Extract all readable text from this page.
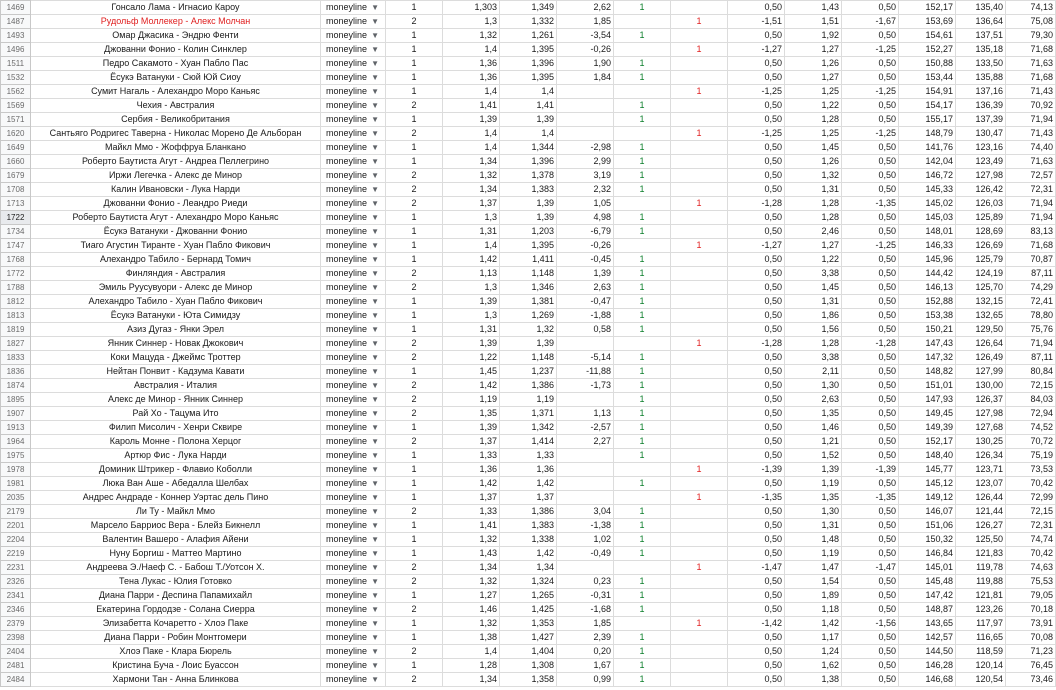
1469	Гонсало Лама - Игнасио Кароу	moneyline ▼	1	1,303	1,349	2,62	1		0,50	1,43	0,50	152,17	135,40	74,13
1487	Рудольф Моллекер - Алекс Молчан	moneyline ▼	2	1,3	1,332	1,85		1	-1,51	1,51	-1,67	153,69	136,64	75,08
1493	Омар Джасика - Эндрю Фенти	moneyline ▼	1	1,32	1,261	-3,54	1		0,50	1,92	0,50	154,61	137,51	79,30
1496	Джованни Фонио - Колин Синклер	moneyline ▼	1	1,4	1,395	-0,26		1	-1,27	1,27	-1,25	152,27	135,18	71,68
1511	Педро Сакамото - Хуан Пабло Пас	moneyline ▼	1	1,36	1,396	1,90	1		0,50	1,26	0,50	150,88	133,50	71,63
1532	Ёсукэ Ватануки - Сюй Юй Сиоу	moneyline ▼	1	1,36	1,395	1,84	1		0,50	1,27	0,50	153,44	135,88	71,68
1562	Сумит Нагаль - Алехандро Моро Каньяс	moneyline ▼	1	1,4	1,4			1	-1,25	1,25	-1,25	154,91	137,16	71,43
1569	Чехия - Австралия	moneyline ▼	2	1,41	1,41		1		0,50	1,22	0,50	154,17	136,39	70,92
1571	Сербия - Великобритания	moneyline ▼	1	1,39	1,39		1		0,50	1,28	0,50	155,17	137,39	71,94
1620	Сантьяго Родригес Таверна - Николас Морено Де Альборан	moneyline ▼	2	1,4	1,4			1	-1,25	1,25	-1,25	148,79	130,47	71,43
1649	Майкл Ммо - Жоффруа Бланкано	moneyline ▼	1	1,4	1,344	-2,98	1		0,50	1,45	0,50	141,76	123,16	74,40
1660	Роберто Баутиста Агут - Андреа Пеллегрино	moneyline ▼	1	1,34	1,396	2,99	1		0,50	1,26	0,50	142,04	123,49	71,63
1679	Иржи Легечка - Алекс де Минор	moneyline ▼	2	1,32	1,378	3,19	1		0,50	1,32	0,50	146,72	127,98	72,57
1708	Калин Ивановски - Лука Нарди	moneyline ▼	2	1,34	1,383	2,32	1		0,50	1,31	0,50	145,33	126,42	72,31
1713	Джованни Фонио - Леандро Риеди	moneyline ▼	2	1,37	1,39	1,05		1	-1,28	1,28	-1,35	145,02	126,03	71,94
1722	Роберто Баутиста Агут - Алехандро Моро Каньяс	moneyline ▼	1	1,3	1,39	4,98	1		0,50	1,28	0,50	145,03	125,89	71,94
1734	Ёсукэ Ватануки - Джованни Фонио	moneyline ▼	1	1,31	1,203	-6,79	1		0,50	2,46	0,50	148,01	128,69	83,13
1747	Тиаго Агустин Тиранте - Хуан Пабло Фикович	moneyline ▼	1	1,4	1,395	-0,26		1	-1,27	1,27	-1,25	146,33	126,69	71,68
1768	Алехандро Табило - Бернард Томич	moneyline ▼	1	1,42	1,411	-0,45	1		0,50	1,22	0,50	145,96	125,79	70,87
1772	Финляндия - Австралия	moneyline ▼	2	1,13	1,148	1,39	1		0,50	3,38	0,50	144,42	124,19	87,11
1788	Эмиль Руусувуори - Алекс де Минор	moneyline ▼	2	1,3	1,346	2,63	1		0,50	1,45	0,50	146,13	125,70	74,29
1812	Алехандро Табило - Хуан Пабло Фикович	moneyline ▼	1	1,39	1,381	-0,47	1		0,50	1,31	0,50	152,88	132,15	72,41
1813	Ёсукэ Ватануки - Юта Симидзу	moneyline ▼	1	1,3	1,269	-1,88	1		0,50	1,86	0,50	153,38	132,65	78,80
1819	Азиз Дугаз - Янки Эрел	moneyline ▼	1	1,31	1,32	0,58	1		0,50	1,56	0,50	150,21	129,50	75,76
1827	Янник Синнер - Новак Джокович	moneyline ▼	2	1,39	1,39			1	-1,28	1,28	-1,28	147,43	126,64	71,94
1833	Коки Мацуда - Джеймс Троттер	moneyline ▼	2	1,22	1,148	-5,14	1		0,50	3,38	0,50	147,32	126,49	87,11
1836	Нейтан Понвит - Кадзума Кавати	moneyline ▼	1	1,45	1,237	-11,88	1		0,50	2,11	0,50	148,82	127,99	80,84
1874	Австралия - Италия	moneyline ▼	2	1,42	1,386	-1,73	1		0,50	1,30	0,50	151,01	130,00	72,15
1895	Алекс де Минор - Янник Синнер	moneyline ▼	2	1,19	1,19		1		0,50	2,63	0,50	147,93	126,37	84,03
1907	Рай Хо - Тацума Ито	moneyline ▼	2	1,35	1,371	1,13	1		0,50	1,35	0,50	149,45	127,98	72,94
1913	Филип Мисолич - Хенри Сквире	moneyline ▼	1	1,39	1,342	-2,57	1		0,50	1,46	0,50	149,39	127,68	74,52
1964	Кароль Монне - Полона Херцог	moneyline ▼	2	1,37	1,414	2,27	1		0,50	1,21	0,50	152,17	130,25	70,72
1975	Артюр Фис - Лука Нарди	moneyline ▼	1	1,33	1,33		1		0,50	1,52	0,50	148,40	126,34	75,19
1978	Доминик Штрикер - Флавио Коболли	moneyline ▼	1	1,36	1,36			1	-1,39	1,39	-1,39	145,77	123,71	73,53
1981	Люка Ван Аше - Абедалла Шелбах	moneyline ▼	1	1,42	1,42		1		0,50	1,19	0,50	145,12	123,07	70,42
2035	Андрес Андраде - Коннер Уэртас дель Пино	moneyline ▼	1	1,37	1,37			1	-1,35	1,35	-1,35	149,12	126,44	72,99
2179	Ли Ту - Майкл Ммо	moneyline ▼	2	1,33	1,386	3,04	1		0,50	1,30	0,50	146,07	121,44	72,15
2201	Марсело Барриос Вера - Блейз Бикнелл	moneyline ▼	1	1,41	1,383	-1,38	1		0,50	1,31	0,50	151,06	126,27	72,31
2204	Валентин Вашеро - Алафия Айени	moneyline ▼	1	1,32	1,338	1,02	1		0,50	1,48	0,50	150,32	125,50	74,74
2219	Нуну Боргиш - Маттео Мартино	moneyline ▼	1	1,43	1,42	-0,49	1		0,50	1,19	0,50	146,84	121,83	70,42
2231	Андреева Э./Наеф С. - Бабош Т./Уотсон Х.	moneyline ▼	2	1,34	1,34			1	-1,47	1,47	-1,47	145,01	119,78	74,63
2326	Тена Лукас - Юлия Готовко	moneyline ▼	2	1,32	1,324	0,23	1		0,50	1,54	0,50	145,48	119,88	75,53
2341	Диана Парри - Деспина Папамихайл	moneyline ▼	1	1,27	1,265	-0,31	1		0,50	1,89	0,50	147,42	121,81	79,05
2346	Екатерина Гордодзе - Солана Сиерра	moneyline ▼	2	1,46	1,425	-1,68	1		0,50	1,18	0,50	148,87	123,26	70,18
2379	Элизабетта Кочаретто - Хлоэ Паке	moneyline ▼	1	1,32	1,353	1,85		1	-1,42	1,42	-1,56	143,65	117,97	73,91
2398	Диана Парри - Робин Монтгомери	moneyline ▼	1	1,38	1,427	2,39	1		0,50	1,17	0,50	142,57	116,65	70,08
2404	Хлоэ Паке - Клара Бюрель	moneyline ▼	2	1,4	1,404	0,20	1		0,50	1,24	0,50	144,50	118,59	71,23
2481	Кристина Буча - Лоис Буассон	moneyline ▼	1	1,28	1,308	1,67	1		0,50	1,62	0,50	146,28	120,14	76,45
2484	Хармони Тан - Анна Блинкова	moneyline ▼	2	1,34	1,358	0,99	1		0,50	1,38	0,50	146,68	120,54	73,46
